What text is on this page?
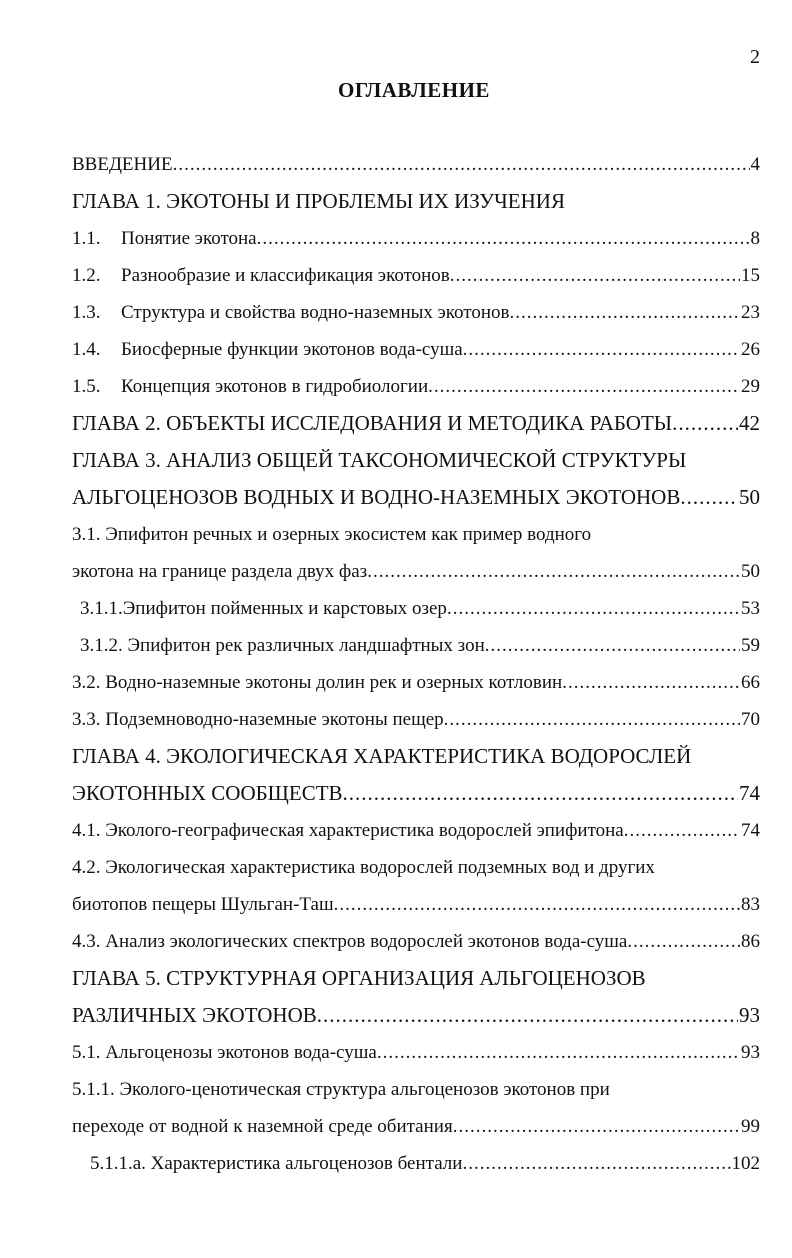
2
ОГЛАВЛЕНИЕ
ВВЕДЕНИЕ .....	4
ГЛАВА 1. ЭКОТОНЫ И ПРОБЛЕМЫ ИХ ИЗУЧЕНИЯ
1.1.	Понятие экотона .....	8
1.2.	Разнообразие и классификация экотонов .....	15
1.3.	Структура и свойства водно-наземных экотонов .....	23
1.4.	Биосферные функции экотонов вода-суша .....	26
1.5.	Концепция экотонов в гидробиологии .....	29
ГЛАВА 2. ОБЪЕКТЫ ИССЛЕДОВАНИЯ И МЕТОДИКА РАБОТЫ .....	42
ГЛАВА 3. АНАЛИЗ ОБЩЕЙ ТАКСОНОМИЧЕСКОЙ СТРУКТУРЫ
АЛЬГОЦЕНОЗОВ ВОДНЫХ И ВОДНО-НАЗЕМНЫХ ЭКОТОНОВ .....	50
3.1. Эпифитон речных и озерных экосистем как пример водного
экотона на границе раздела двух фаз .....	50
3.1.1.Эпифитон пойменных и карстовых озер .....	53
3.1.2. Эпифитон рек различных ландшафтных зон .....	59
3.2. Водно-наземные экотоны долин рек и озерных котловин .....	66
3.3. Подземноводно-наземные экотоны пещер .....	70
ГЛАВА 4. ЭКОЛОГИЧЕСКАЯ ХАРАКТЕРИСТИКА ВОДОРОСЛЕЙ
ЭКОТОННЫХ СООБЩЕСТВ .....	74
4.1. Эколого-географическая характеристика водорослей эпифитона .....	74
4.2. Экологическая характеристика водорослей подземных вод и других
биотопов пещеры Шульган-Таш .....	83
4.3. Анализ экологических спектров водорослей экотонов вода-суша .....	86
ГЛАВА 5. СТРУКТУРНАЯ ОРГАНИЗАЦИЯ АЛЬГОЦЕНОЗОВ
РАЗЛИЧНЫХ ЭКОТОНОВ .....	93
5.1. Альгоценозы экотонов вода-суша .....	93
5.1.1. Эколого-ценотическая структура альгоценозов экотонов при
переходе от водной к наземной среде обитания .....	99
5.1.1.а. Характеристика альгоценозов бентали .....	102
